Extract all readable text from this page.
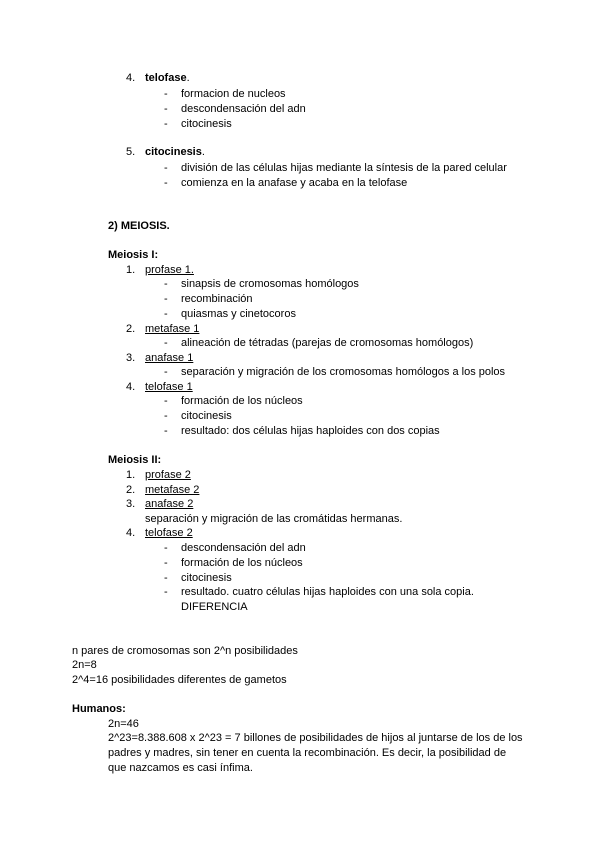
4. telofase.
- formacion de nucleos
- descondensación del adn
- citocinesis
5. citocinesis.
- división de las células hijas mediante la síntesis de la pared celular
- comienza en la anafase y acaba en la telofase
2) MEIOSIS.
Meiosis I:
1. profase 1.
- sinapsis de cromosomas homólogos
- recombinación
- quiasmas y cinetocoros
2. metafase 1
- alineación de tétradas (parejas de cromosomas homólogos)
3. anafase 1
- separación y migración de los cromosomas homólogos a los polos
4. telofase 1
- formación de los núcleos
- citocinesis
- resultado: dos células hijas haploides con dos copias
Meiosis II:
1. profase 2
2. metafase 2
3. anafase 2
separación y migración de las cromátidas hermanas.
4. telofase 2
- descondensación del adn
- formación de los núcleos
- citocinesis
- resultado. cuatro células hijas haploides con una sola copia.
DIFERENCIA
n pares de cromosomas son 2^n posibilidades
2n=8
2^4=16 posibilidades diferentes de gametos
Humanos:
2n=46
2^23=8.388.608 x 2^23 = 7 billones de posibilidades de hijos al juntarse de los de los
padres y madres, sin tener en cuenta la recombinación. Es decir, la posibilidad de
que nazcamos es casi ínfima.
